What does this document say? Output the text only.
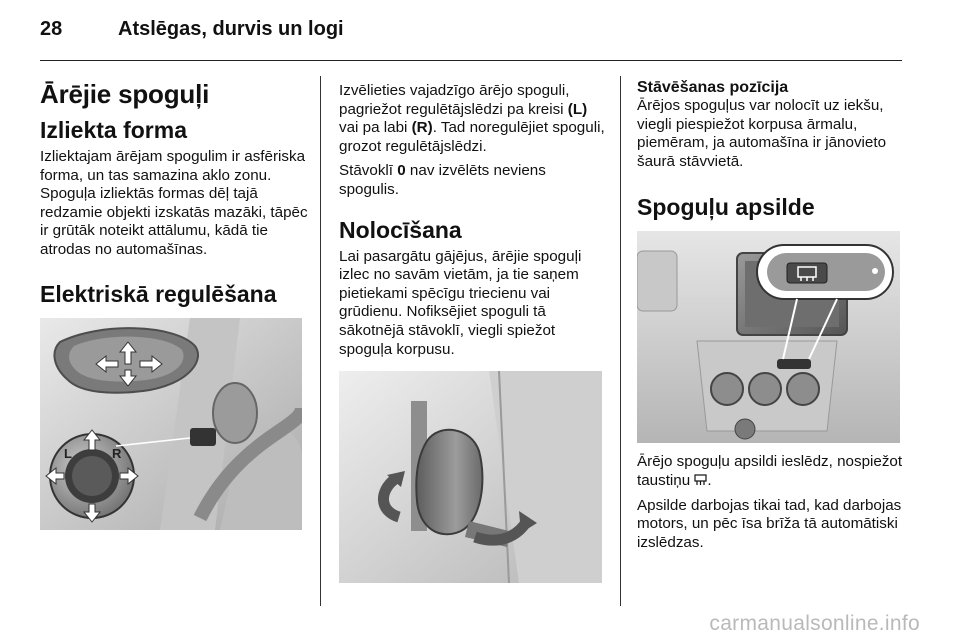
28	Atslēgas, durvis un logi
Ārējie spoguļi
Izliekta forma

Izliektajam ārējam spogulim ir asfēriska forma, un tas samazina aklo zonu. Spoguļa izliektās formas dēļ tajā redzamie objekti izskatās mazāki, tāpēc ir grūtāk noteikt attālumu, kādā tie atrodas no automašīnas.

Elektriskā regulēšana
L	R

Izvēlieties vajadzīgo ārējo spoguli, pagriežot regulētājslēdzi pa kreisi (L) vai pa labi (R). Tad noregulējiet spoguli, grozot regulētājslēdzi.

Stāvoklī 0 nav izvēlēts neviens spogulis.

Nolocīšana

Lai pasargātu gājējus, ārējie spoguļi izlec no savām vietām, ja tie saņem pietiekami spēcīgu triecienu vai grūdienu. Nofiksējiet spoguli tā sākotnējā stāvoklī, viegli spiežot spoguļa korpusu.

Stāvēšanas pozīcija

Ārējos spoguļus var nolocīt uz iekšu, viegli piespiežot korpusa ārmalu, piemēram, ja automašīna ir jānovieto šaurā stāvvietā.

Spoguļu apsilde

Ārējo spoguļu apsildi ieslēdz, nospiežot taustiņu .

Apsilde darbojas tikai tad, kad darbojas motors, un pēc īsa brīža tā automātiski izslēdzas.

carmanualsonline.info
